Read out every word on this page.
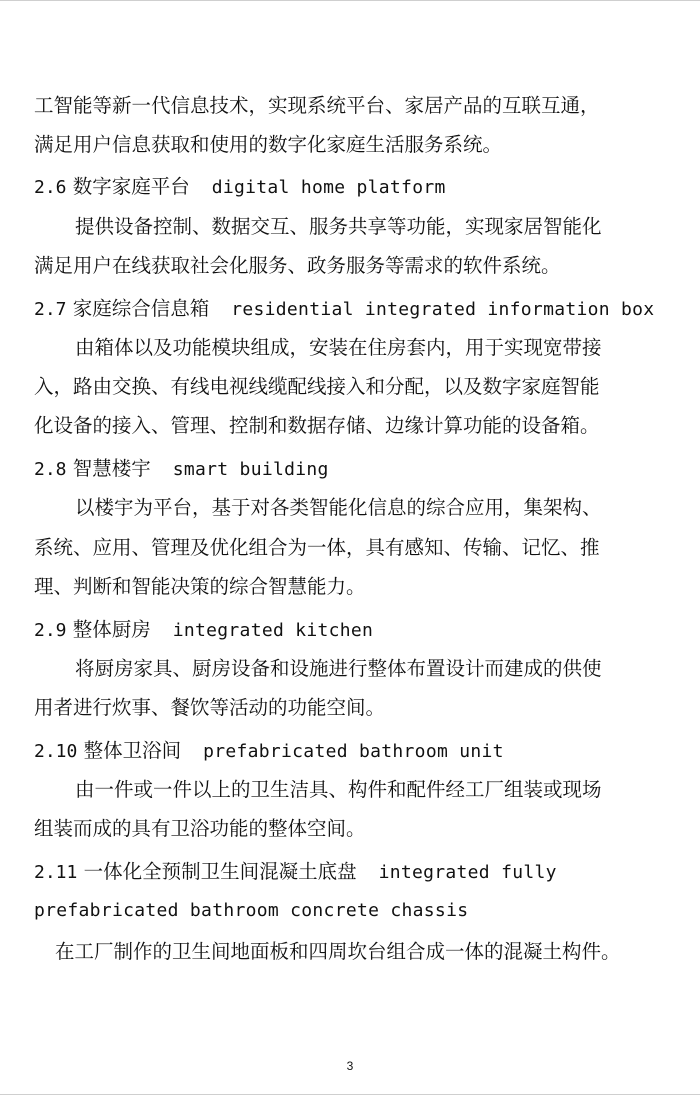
工智能等新一代信息技术，实现系统平台、家居产品的互联互通，
满足用户信息获取和使用的数字化家庭生活服务系统。
2.6 数字家庭平台 digital home platform
提供设备控制、数据交互、服务共享等功能，实现家居智能化
满足用户在线获取社会化服务、政务服务等需求的软件系统。
2.7 家庭综合信息箱 residential integrated information box
由箱体以及功能模块组成，安装在住房套内，用于实现宽带接
入，路由交换、有线电视线缆配线接入和分配，以及数字家庭智能
化设备的接入、管理、控制和数据存储、边缘计算功能的设备箱。
2.8 智慧楼宇 smart building
以楼宇为平台，基于对各类智能化信息的综合应用，集架构、
系统、应用、管理及优化组合为一体，具有感知、传输、记忆、推
理、判断和智能决策的综合智慧能力。
2.9 整体厨房 integrated kitchen
将厨房家具、厨房设备和设施进行整体布置设计而建成的供使
用者进行炊事、餐饮等活动的功能空间。
2.10 整体卫浴间 prefabricated bathroom unit
由一件或一件以上的卫生洁具、构件和配件经工厂组装或现场
组装而成的具有卫浴功能的整体空间。
2.11 一体化全预制卫生间混凝土底盘 integrated fully
prefabricated bathroom concrete chassis
在工厂制作的卫生间地面板和四周坎台组合成一体的混凝土构件。
3
